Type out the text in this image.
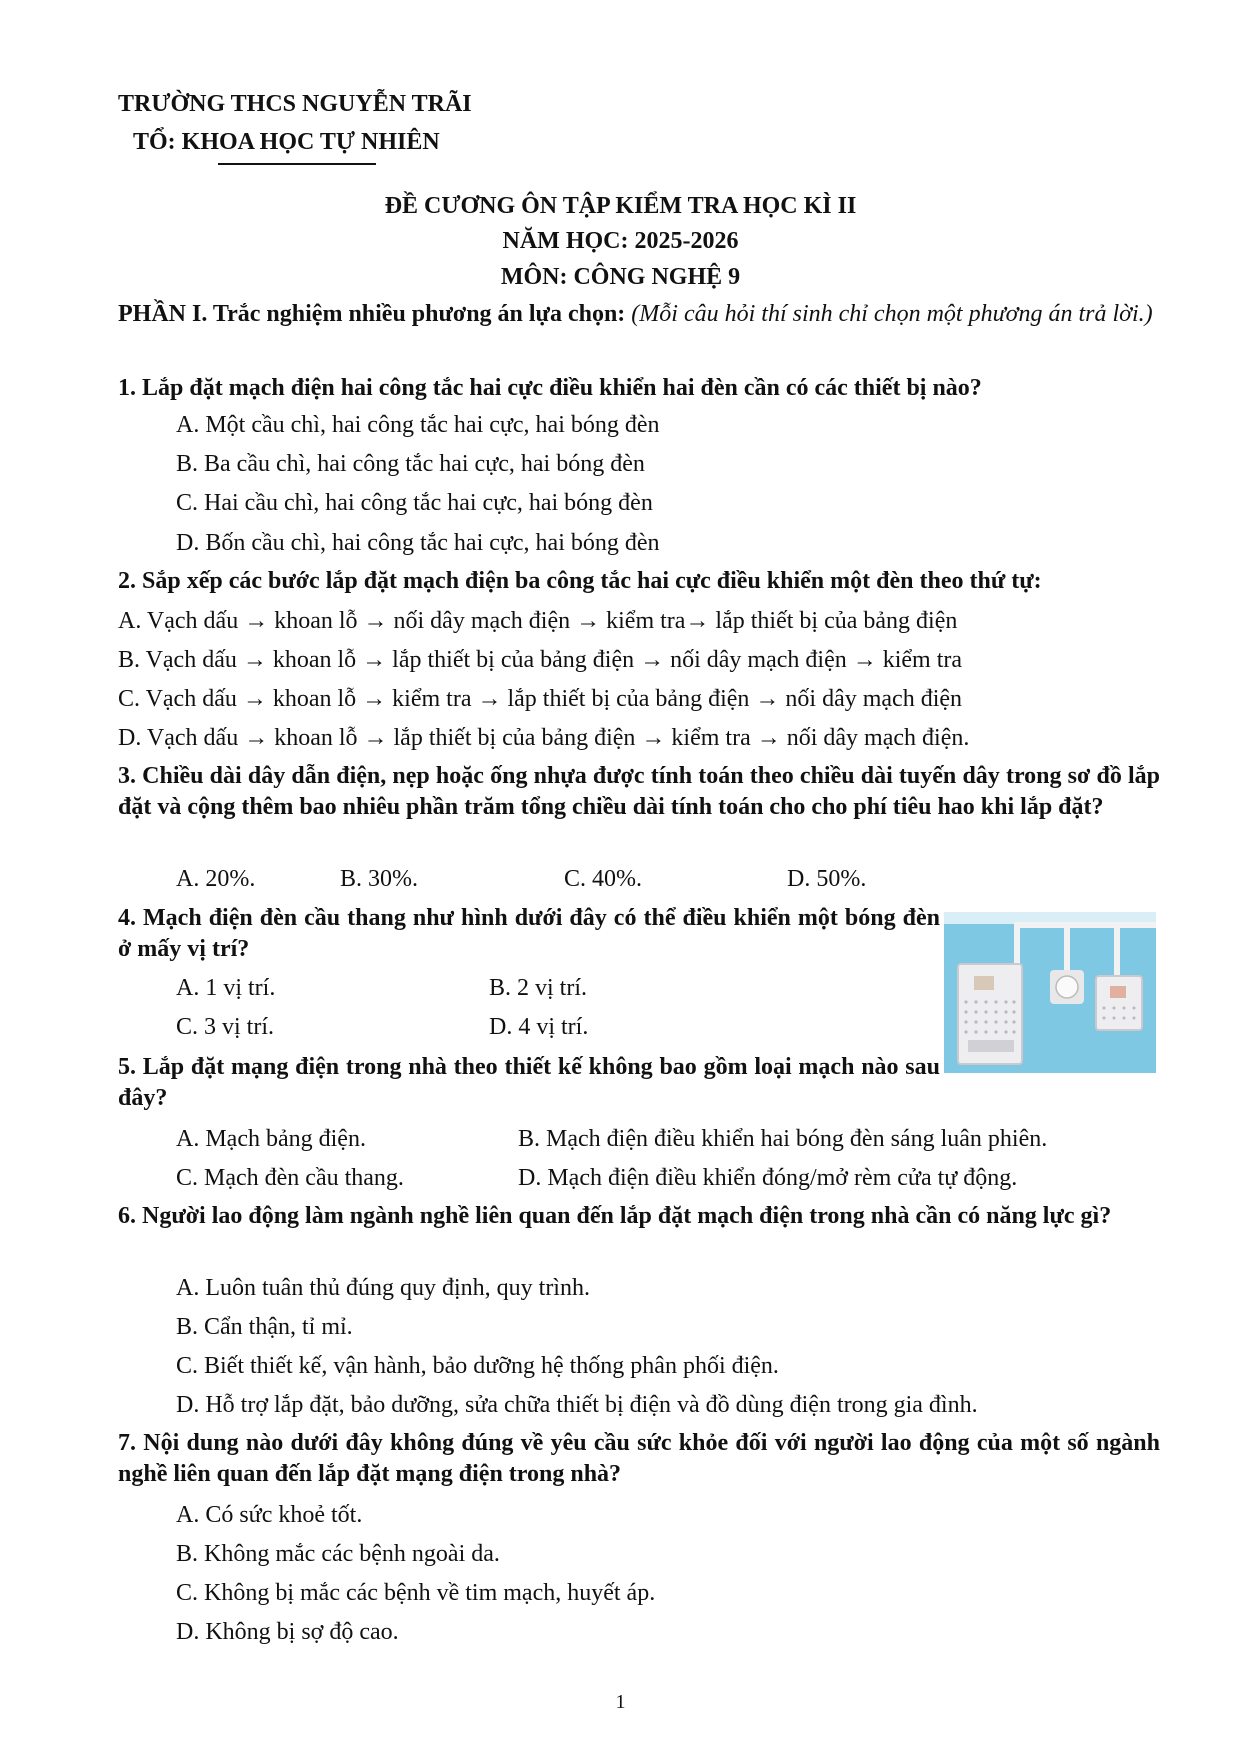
TRƯỜNG THCS NGUYỄN TRÃI
TỔ: KHOA HỌC TỰ NHIÊN
ĐỀ CƯƠNG ÔN TẬP KIỂM TRA HỌC KÌ II
NĂM HỌC: 2025-2026
MÔN: CÔNG NGHỆ 9
PHẦN I. Trắc nghiệm nhiều phương án lựa chọn: (Mỗi câu hỏi thí sinh chỉ chọn một phương án trả lời.)
1. Lắp đặt mạch điện hai công tắc hai cực điều khiển hai đèn cần có các thiết bị nào?
A. Một cầu chì, hai công tắc hai cực, hai bóng đèn
B. Ba cầu chì, hai công tắc hai cực, hai bóng đèn
C. Hai cầu chì, hai công tắc hai cực, hai bóng đèn
D. Bốn cầu chì, hai công tắc hai cực, hai bóng đèn
2. Sắp xếp các bước lắp đặt mạch điện ba công tắc hai cực điều khiển một đèn theo thứ tự:
A. Vạch dấu → khoan lỗ → nối dây mạch điện → kiểm tra→ lắp thiết bị của bảng điện
B. Vạch dấu → khoan lỗ → lắp thiết bị của bảng điện → nối dây mạch điện → kiểm tra
C. Vạch dấu → khoan lỗ → kiểm tra → lắp thiết bị của bảng điện → nối dây mạch điện
D. Vạch dấu → khoan lỗ → lắp thiết bị của bảng điện → kiểm tra → nối dây mạch điện.
3. Chiều dài dây dẫn điện, nẹp hoặc ống nhựa được tính toán theo chiều dài tuyến dây trong sơ đồ lắp đặt và cộng thêm bao nhiêu phần trăm tổng chiều dài tính toán cho cho phí tiêu hao khi lắp đặt?
A. 20%.	B. 30%.	C. 40%.	D. 50%.
4. Mạch điện đèn cầu thang như hình dưới đây có thể điều khiển một bóng đèn ở mấy vị trí?
A. 1 vị trí.	B. 2 vị trí.
C. 3 vị trí.	D. 4 vị trí.
5. Lắp đặt mạng điện trong nhà theo thiết kế không bao gồm loại mạch nào sau đây?
A. Mạch bảng điện.	B. Mạch điện điều khiển hai bóng đèn sáng luân phiên.
C. Mạch đèn cầu thang.	D. Mạch điện điều khiển đóng/mở rèm cửa tự động.
6. Người lao động làm ngành nghề liên quan đến lắp đặt mạch điện trong nhà cần có năng lực gì?
A. Luôn tuân thủ đúng quy định, quy trình.
B. Cẩn thận, tỉ mỉ.
C. Biết thiết kế, vận hành, bảo dưỡng hệ thống phân phối điện.
D. Hỗ trợ lắp đặt, bảo dưỡng, sửa chữa thiết bị điện và đồ dùng điện trong gia đình.
7. Nội dung nào dưới đây không đúng về yêu cầu sức khỏe đối với người lao động của một số ngành nghề liên quan đến lắp đặt mạng điện trong nhà?
A. Có sức khoẻ tốt.
B. Không mắc các bệnh ngoài da.
C. Không bị mắc các bệnh về tim mạch, huyết áp.
D. Không bị sợ độ cao.
1
